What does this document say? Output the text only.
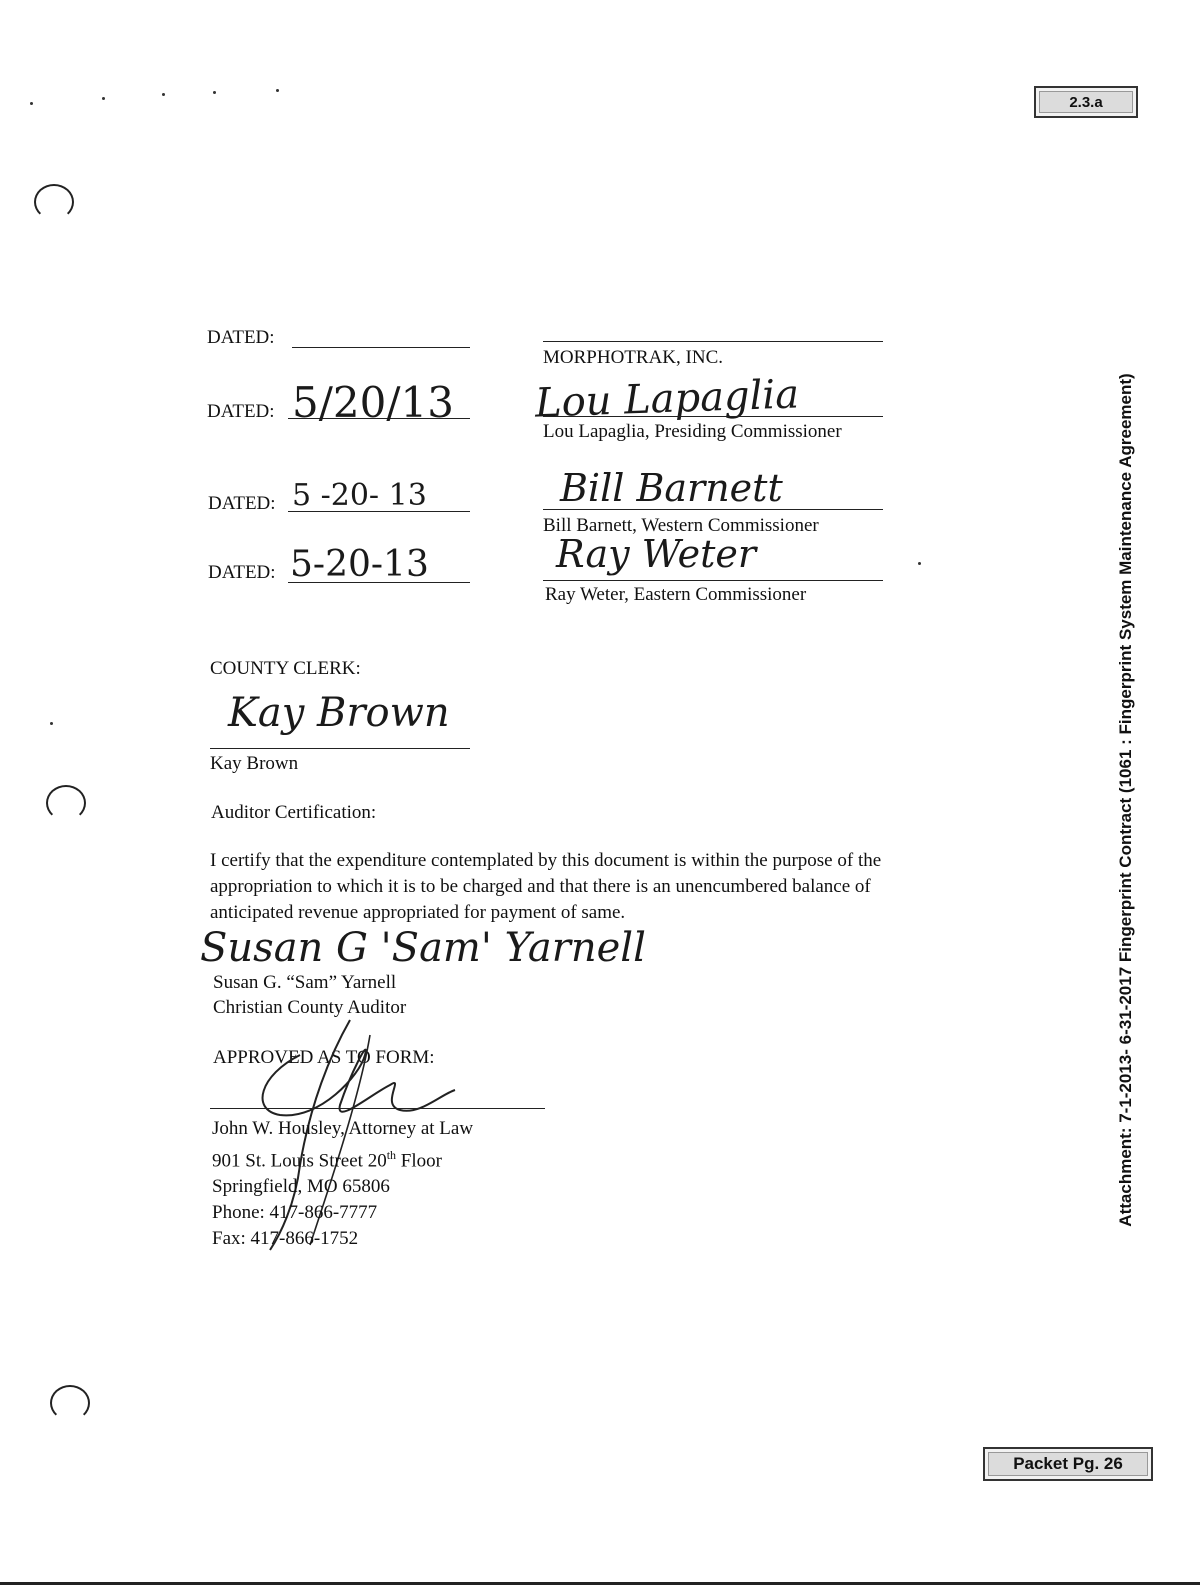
2.3.a
DATED:
DATED: 5/20/13
DATED: 5 -20- 13
DATED: 5-20-13
MORPHOTRAK, INC.
Lou Lapaglia
Lou Lapaglia, Presiding Commissioner
Bill Barnett
Bill Barnett, Western Commissioner
Ray Weter
Ray Weter, Eastern Commissioner
COUNTY CLERK:
Kay Brown
Kay Brown
Auditor Certification:
I certify that the expenditure contemplated by this document is within the purpose of the
appropriation to which it is to be charged and that there is an unencumbered balance of
anticipated revenue appropriated for payment of same.
Susan G 'Sam' Yarnell
Susan G. “Sam” Yarnell
Christian County Auditor
APPROVED AS TO FORM:
John W. Housley, Attorney at Law
901 St. Louis Street 20th Floor
Springfield, MO 65806
Phone: 417-866-7777
Fax: 417-866-1752
Attachment: 7-1-2013- 6-31-2017 Fingerprint Contract (1061 : Fingerprint System Maintenance Agreement)
Packet Pg. 26
